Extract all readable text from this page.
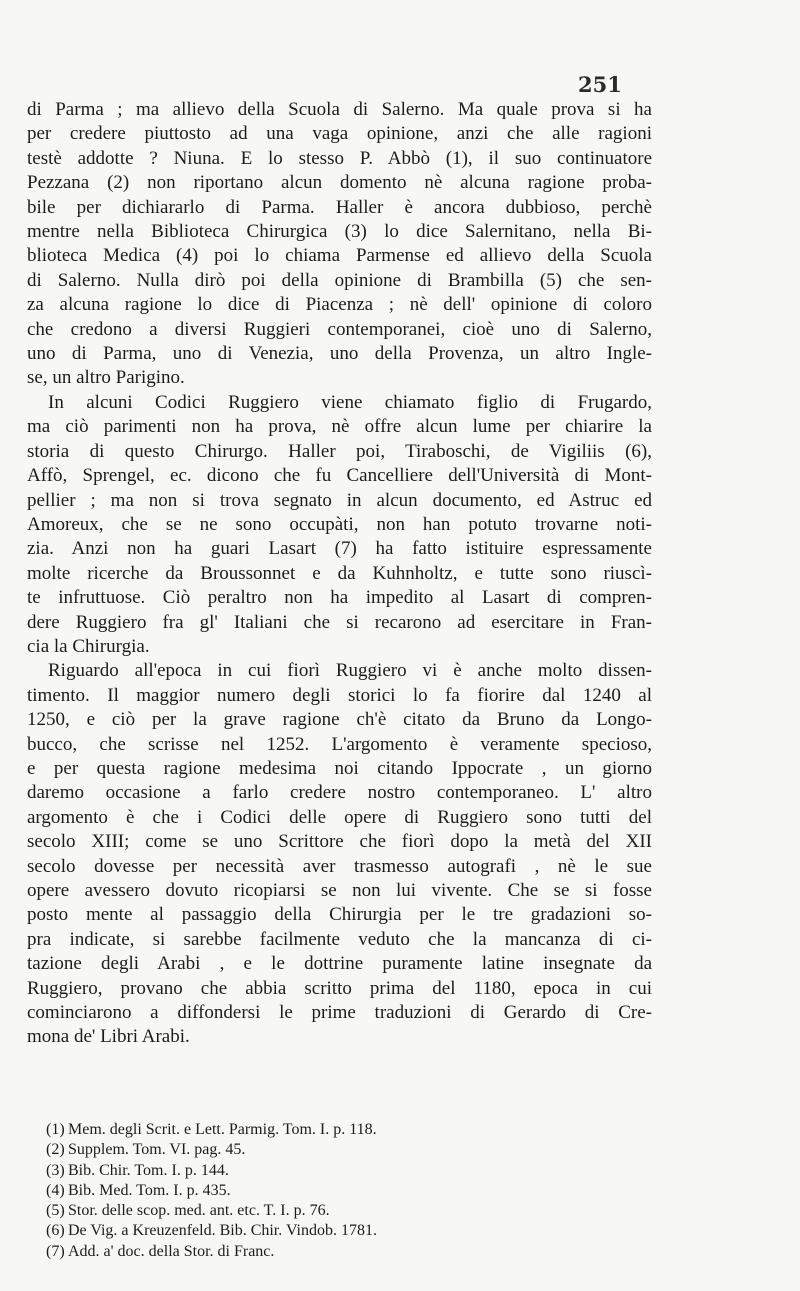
251
di Parma ; ma allievo della Scuola di Salerno. Ma quale prova si ha
per credere piuttosto ad una vaga opinione, anzi che alle ragioni
testè addotte ? Niuna. E lo stesso P. Abbò (1), il suo continuatore
Pezzana (2) non riportano alcun domento nè alcuna ragione proba-
bile per dichiararlo di Parma. Haller è ancora dubbioso, perchè
mentre nella Biblioteca Chirurgica (3) lo dice Salernitano, nella Bi-
blioteca Medica (4) poi lo chiama Parmense ed allievo della Scuola
di Salerno. Nulla dirò poi della opinione di Brambilla (5) che sen-
za alcuna ragione lo dice di Piacenza ; nè dell' opinione di coloro
che credono a diversi Ruggieri contemporanei, cioè uno di Salerno,
uno di Parma, uno di Venezia, uno della Provenza, un altro Ingle-
se, un altro Parigino.
In alcuni Codici Ruggiero viene chiamato figlio di Frugardo,
ma ciò parimenti non ha prova, nè offre alcun lume per chiarire la
storia di questo Chirurgo. Haller poi, Tiraboschi, de Vigiliis (6),
Affò, Sprengel, ec. dicono che fu Cancelliere dell'Università di Mont-
pellier ; ma non si trova segnato in alcun documento, ed Astruc ed
Amoreux, che se ne sono occupàti, non han potuto trovarne noti-
zia. Anzi non ha guari Lasart (7) ha fatto istituire espressamente
molte ricerche da Broussonnet e da Kuhnholtz, e tutte sono riuscì-
te infruttuose. Ciò peraltro non ha impedito al Lasart di compren-
dere Ruggiero fra gl' Italiani che si recarono ad esercitare in Fran-
cia la Chirurgia.
Riguardo all'epoca in cui fiorì Ruggiero vi è anche molto dissen-
timento. Il maggior numero degli storici lo fa fiorire dal 1240 al
1250, e ciò per la grave ragione ch'è citato da Bruno da Longo-
bucco, che scrisse nel 1252. L'argomento è veramente specioso,
e per questa ragione medesima noi citando Ippocrate , un giorno
daremo occasione a farlo credere nostro contemporaneo. L' altro
argomento è che i Codici delle opere di Ruggiero sono tutti del
secolo XIII; come se uno Scrittore che fiorì dopo la metà del XII
secolo dovesse per necessità aver trasmesso autografi , nè le sue
opere avessero dovuto ricopiarsi se non lui vivente. Che se si fosse
posto mente al passaggio della Chirurgia per le tre gradazioni so-
pra indicate, si sarebbe facilmente veduto che la mancanza di ci-
tazione degli Arabi , e le dottrine puramente latine insegnate da
Ruggiero, provano che abbia scritto prima del 1180, epoca in cui
cominciarono a diffondersi le prime traduzioni di Gerardo di Cre-
mona de' Libri Arabi.
(1) Mem. degli Scrit. e Lett. Parmig. Tom. I. p. 118.
(2) Supplem. Tom. VI. pag. 45.
(3) Bib. Chir. Tom. I. p. 144.
(4) Bib. Med. Tom. I. p. 435.
(5) Stor. delle scop. med. ant. etc. T. I. p. 76.
(6) De Vig. a Kreuzenfeld. Bib. Chir. Vindob. 1781.
(7) Add. a' doc. della Stor. di Franc.
